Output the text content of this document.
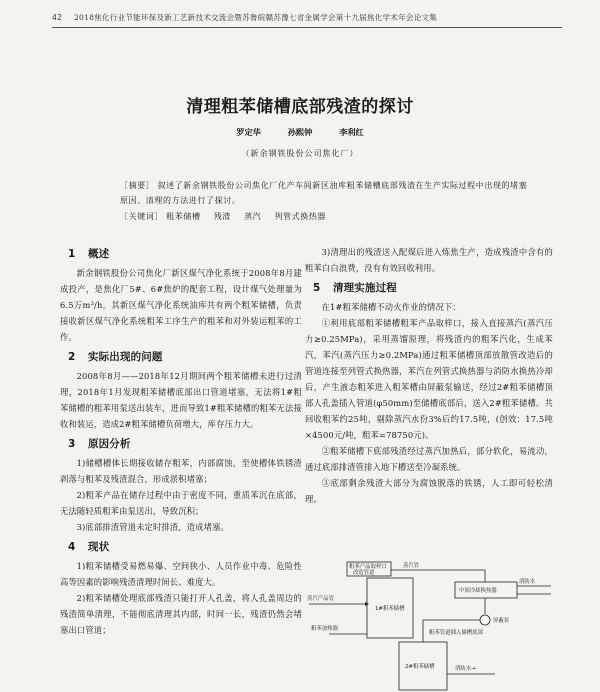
42 2018焦化行业节能环保及新工艺新技术交流会暨苏鲁皖赣苏豫七省金属学会第十九届焦化学术年会论文集
清理粗苯储槽底部残渣的探讨
罗定华	孙熙钟	李利红
（新余钢铁股份公司焦化厂）
［摘要］ 叙述了新余钢铁股份公司焦化厂化产车间新区油库粗苯储槽底部残渣在生产实际过程中出现的堵塞原因、清理的方法进行了探讨。
［关键词］ 粗苯储槽 残渣 蒸汽 列管式换热器
1 概述

新余钢铁股份公司焦化厂新区煤气净化系统于2008年8月建成投产，是焦化厂5#、6#焦炉的配套工程，设计煤气处理量为6.5万m³/h。其新区煤气净化系统油库共有两个粗苯储槽，负责接收新区煤气净化系统粗苯工序生产的粗苯和对外装运粗苯的工作。

2 实际出现的问题

2008年8月——2018年12月期间两个粗苯储槽未进行过清理，2018年1月发现粗苯储槽底部出口管道堵塞，无法将1#粗苯储槽的粗苯用泵送出装车，进而导致1#粗苯储槽的粗苯无法接收和装运，造成2#粗苯储槽负荷增大，库存压力大。

3 原因分析

1)储槽槽体长期接收储存粗苯，内部腐蚀，至使槽体铁锈渣剥落与粗苯及残渣混合，形成淤积堵塞；

2)粗苯产品在储存过程中由于密度不同，重质苯沉在底部，无法随轻质粗苯由泵送出，导致沉积；

3)底部排渣管道未定时排渣，造成堵塞。

4 现状

1)粗苯储槽受易燃易爆、空间狭小、人员作业中毒、危险性高等因素的影响残渣清理时间长、难度大。

2)粗苯储槽处理底部残渣只能打开人孔盖，将人孔盖周边的残渣简单清理，不能彻底清理其内部，时间一长，残渣仍然会堵塞出口管道；

3)清理出的残渣送入配煤后进入炼焦生产，造成残渣中含有的粗苯白白浪费，没有有效回收利用。

5 清理实施过程

在1#粗苯储槽不动火作业的情况下：

①利用底部粗苯储槽粗苯产品取样口，接入直接蒸汽(蒸汽压力≥0.25MPa)，采用蒸馏原理，将残渣内的粗苯汽化，生成苯汽，苯汽(蒸汽压力≥0.2MPa)通过粗苯储槽顶部放散管改造后的管道连接至列管式换热器，苯汽在列管式换热器与消防水换热冷却后，产生液态粗苯进入粗苯槽由屏蔽泵输送，经过2#粗苯储槽顶部人孔盖插入管道(φ50mm)至储槽底部后，送入2#粗苯储槽。共回收粗苯约25吨，剔除蒸汽水份3%后约17.5吨，(创效：17.5吨×4500元/吨，粗苯=78750元)。

②粗苯储槽下底部残渣经过蒸汽加热后，部分软化，易流动，通过底部排渣管排入地下槽送至冷凝系统。

③底部剩余残渣大部分为腐蚀脱落的铁锈，人工即可轻松清理。

蒸汽产品管
粗苯产品取样口
改造管道
1#粗苯储槽
蒸汽管
消防水
中间冷却换热器
屏蔽泵
粗苯管道插入储槽底部
2#粗苯储槽	消防水→
粗苯加热器
